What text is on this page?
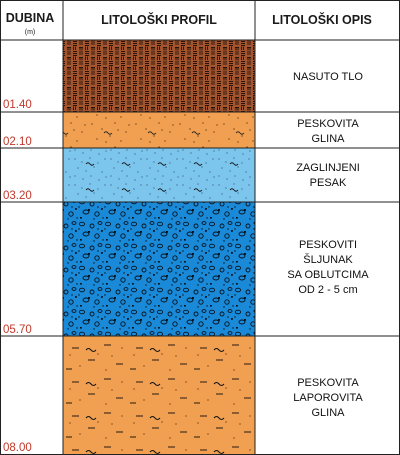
DUBINA
(m)
LITOLOŠKI PROFIL	LITOLOŠKI OPIS
01.40
02.10
03.20
05.70
08.00
NASUTO TLO
PESKOVITA
GLINA
ZAGLINJENI
PESAK
PESKOVITI
ŠLJUNAK
SA OBLUTCIMA
OD 2 - 5 cm
PESKOVITA
LAPOROVITA
GLINA
